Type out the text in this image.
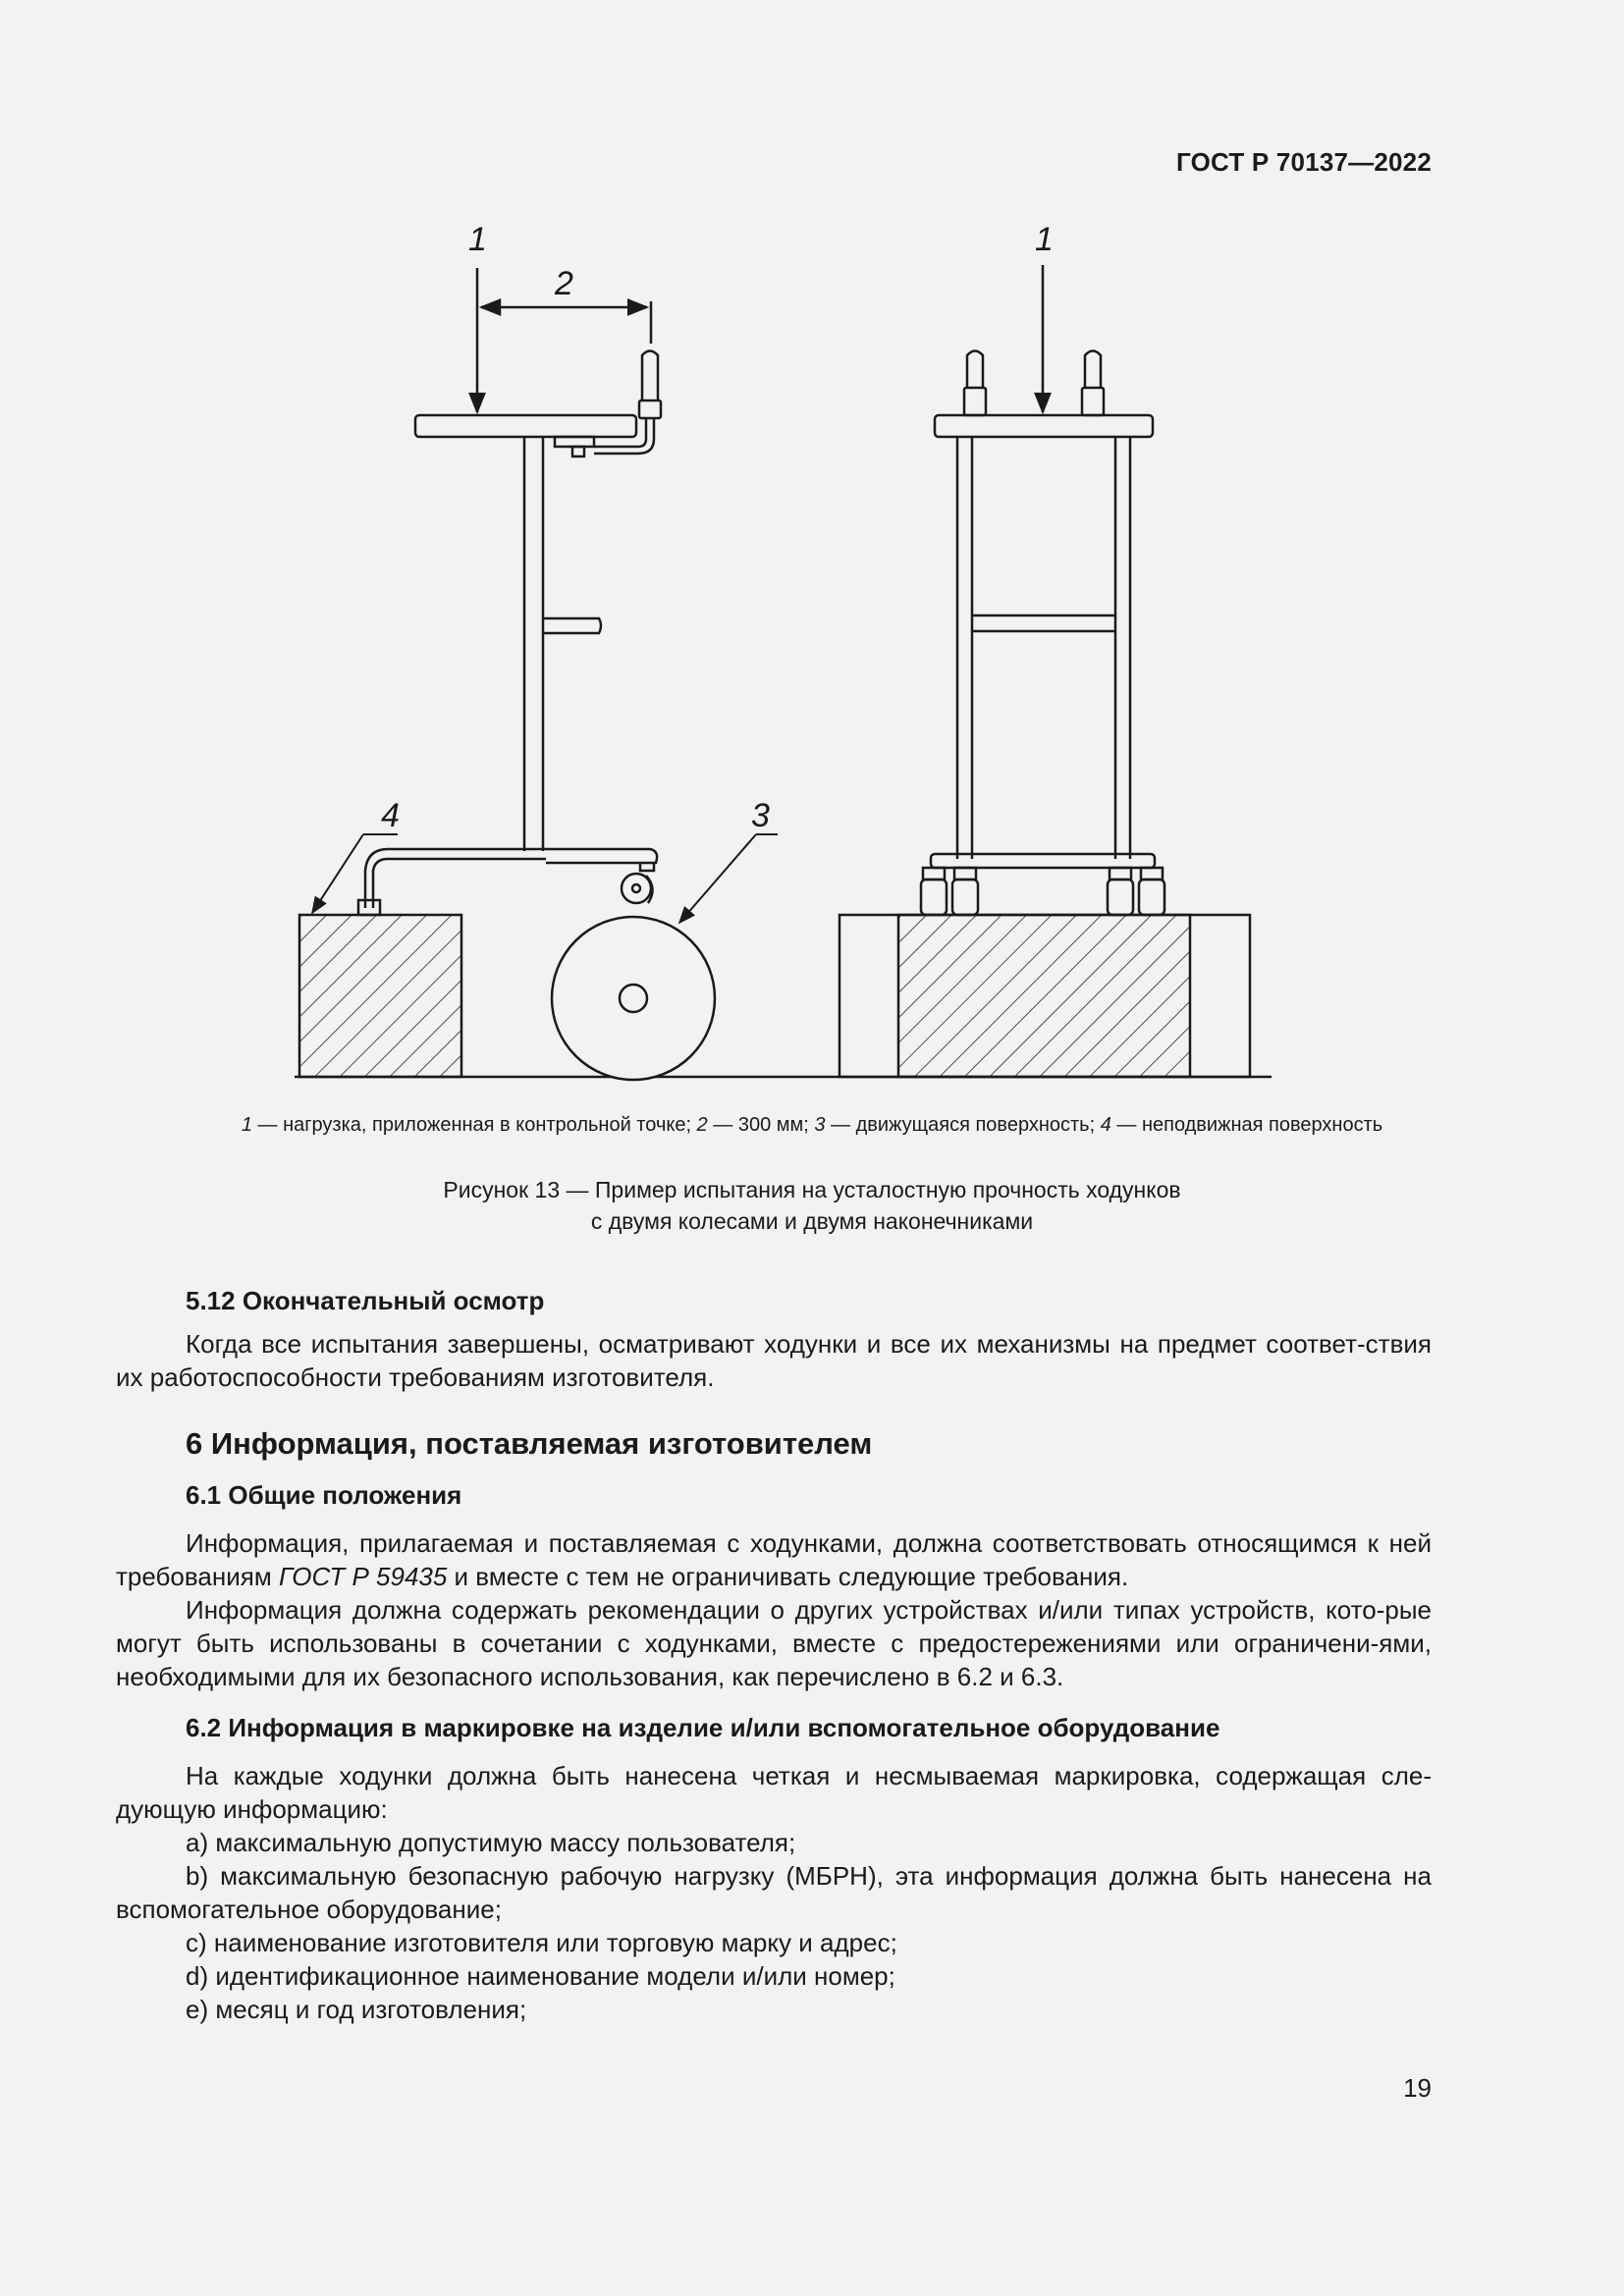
ГОСТ Р 70137—2022
1	1
2
3
4
1 — нагрузка, приложенная в контрольной точке; 2 — 300 мм; 3 — движущаяся поверхность; 4 — неподвижная поверхность
Рисунок 13 — Пример испытания на усталостную прочность ходунков
с двумя колесами и двумя наконечниками

5.12 Окончательный осмотр

Когда все испытания завершены, осматривают ходунки и все их механизмы на предмет соответ-ствия их работоспособности требованиям изготовителя.

6 Информация, поставляемая изготовителем

6.1 Общие положения

Информация, прилагаемая и поставляемая с ходунками, должна соответствовать относящимся к ней требованиям ГОСТ Р 59435 и вместе с тем не ограничивать следующие требования.

Информация должна содержать рекомендации о других устройствах и/или типах устройств, кото-рые могут быть использованы в сочетании с ходунками, вместе с предостережениями или ограничени-ями, необходимыми для их безопасного использования, как перечислено в 6.2 и 6.3.

6.2 Информация в маркировке на изделие и/или вспомогательное оборудование

На каждые ходунки должна быть нанесена четкая и несмываемая маркировка, содержащая сле-дующую информацию:

а) максимальную допустимую массу пользователя;

b) максимальную безопасную рабочую нагрузку (МБРН), эта информация должна быть нанесена на вспомогательное оборудование;

c) наименование изготовителя или торговую марку и адрес;

d) идентификационное наименование модели и/или номер;

е) месяц и год изготовления;

19
